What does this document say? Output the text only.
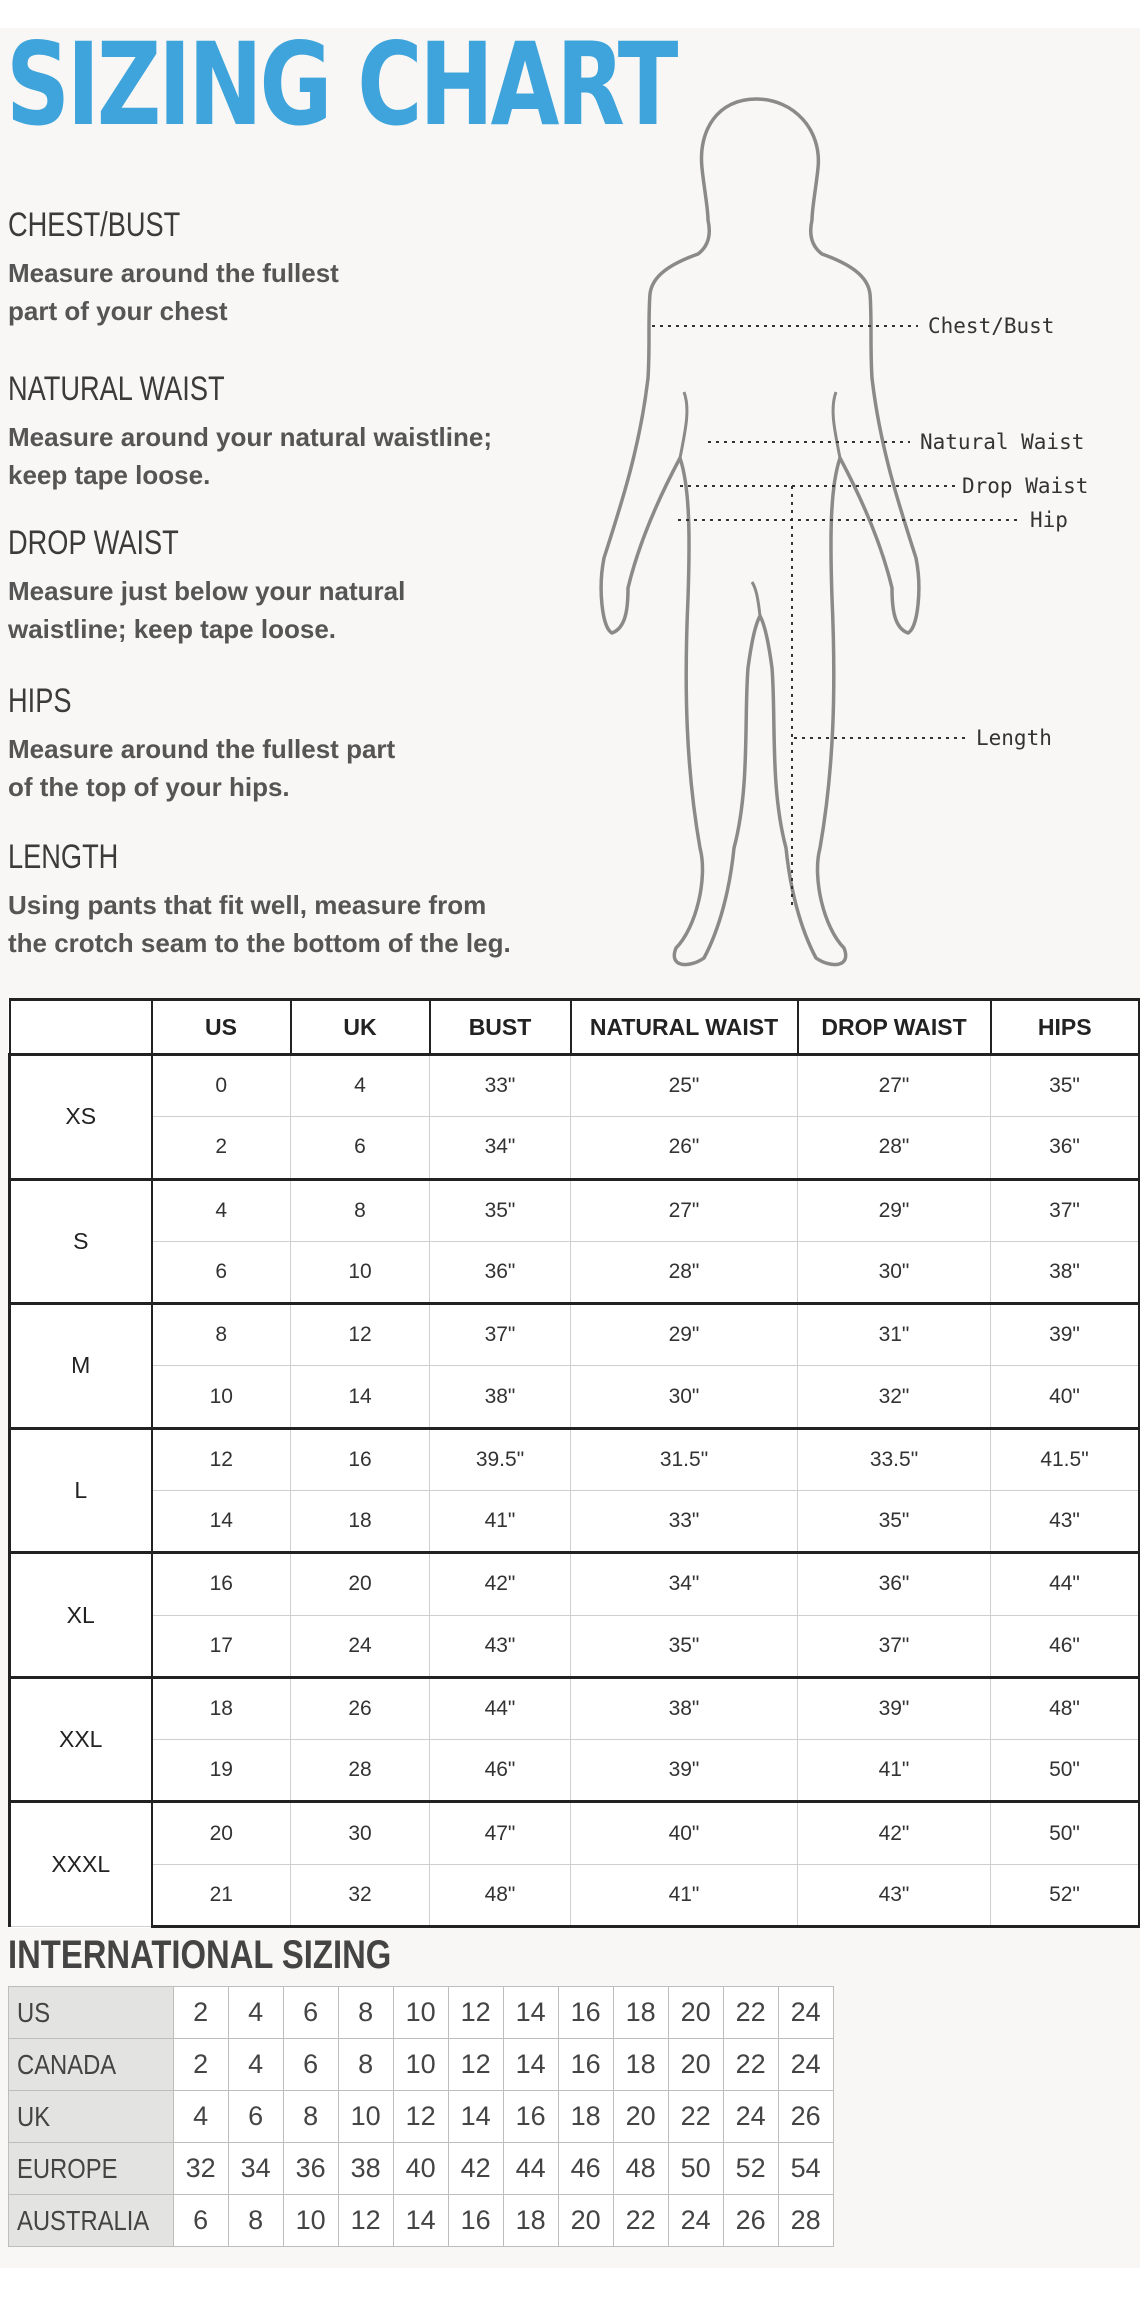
SIZING CHART
CHEST/BUST
Measure around the fullest
part of your chest
NATURAL WAIST
Measure around your natural waistline;
keep tape loose.
DROP WAIST
Measure just below your natural
waistline; keep tape loose.
HIPS
Measure around the fullest part
of the top of your hips.
LENGTH
Using pants that fit well, measure from
the crotch seam to the bottom of the leg.
Chest/Bust
Natural Waist
Drop Waist
Hip
Length
	US	UK	BUST	NATURAL WAIST	DROP WAIST	HIPS
XS	0	4	33"	25"	27"	35"
	2	6	34"	26"	28"	36"
S	4	8	35"	27"	29"	37"
	6	10	36"	28"	30"	38"
M	8	12	37"	29"	31"	39"
	10	14	38"	30"	32"	40"
L	12	16	39.5"	31.5"	33.5"	41.5"
	14	18	41"	33"	35"	43"
XL	16	20	42"	34"	36"	44"
	17	24	43"	35"	37"	46"
XXL	18	26	44"	38"	39"	48"
	19	28	46"	39"	41"	50"
XXXL	20	30	47"	40"	42"	50"
	21	32	48"	41"	43"	52"
INTERNATIONAL SIZING
US	2	4	6	8	10	12	14	16	18	20	22	24
CANADA	2	4	6	8	10	12	14	16	18	20	22	24
UK	4	6	8	10	12	14	16	18	20	22	24	26
EUROPE	32	34	36	38	40	42	44	46	48	50	52	54
AUSTRALIA	6	8	10	12	14	16	18	20	22	24	26	28
